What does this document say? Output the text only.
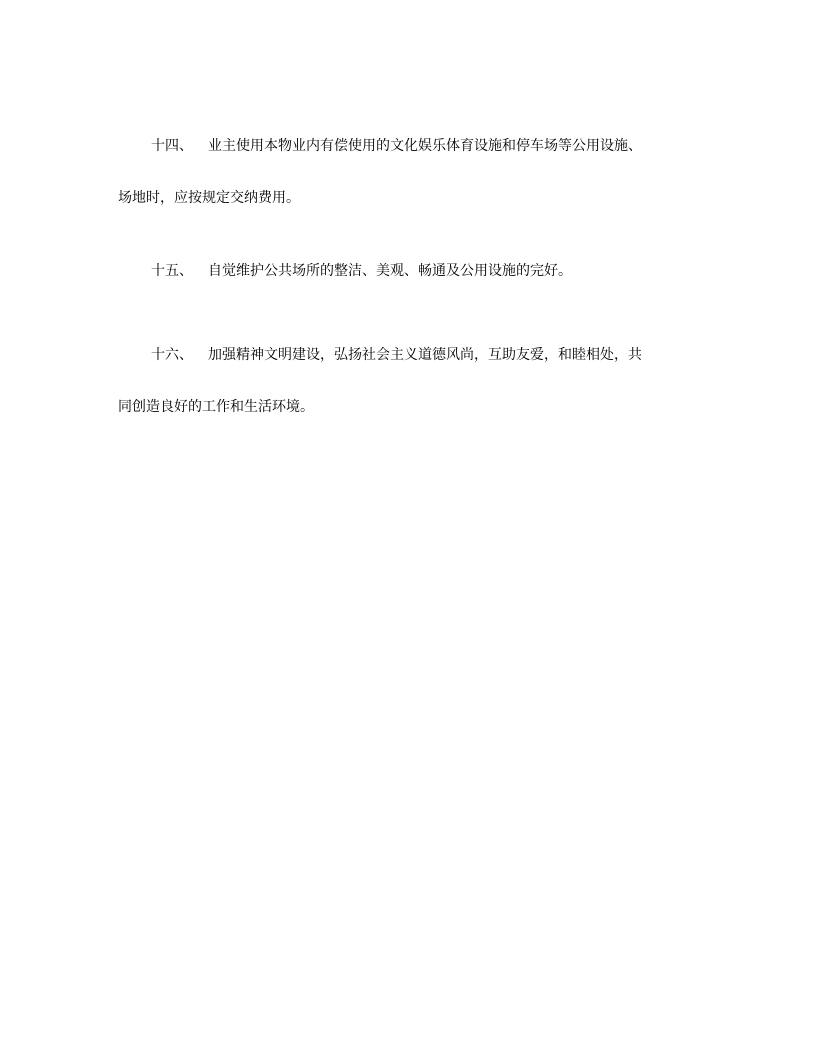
十四、 业主使用本物业内有偿使用的文化娱乐体育设施和停车场等公用设施、
场地时，应按规定交纳费用。
十五、 自觉维护公共场所的整洁、美观、畅通及公用设施的完好。
十六、 加强精神文明建设，弘扬社会主义道德风尚，互助友爱，和睦相处，共
同创造良好的工作和生活环境。
